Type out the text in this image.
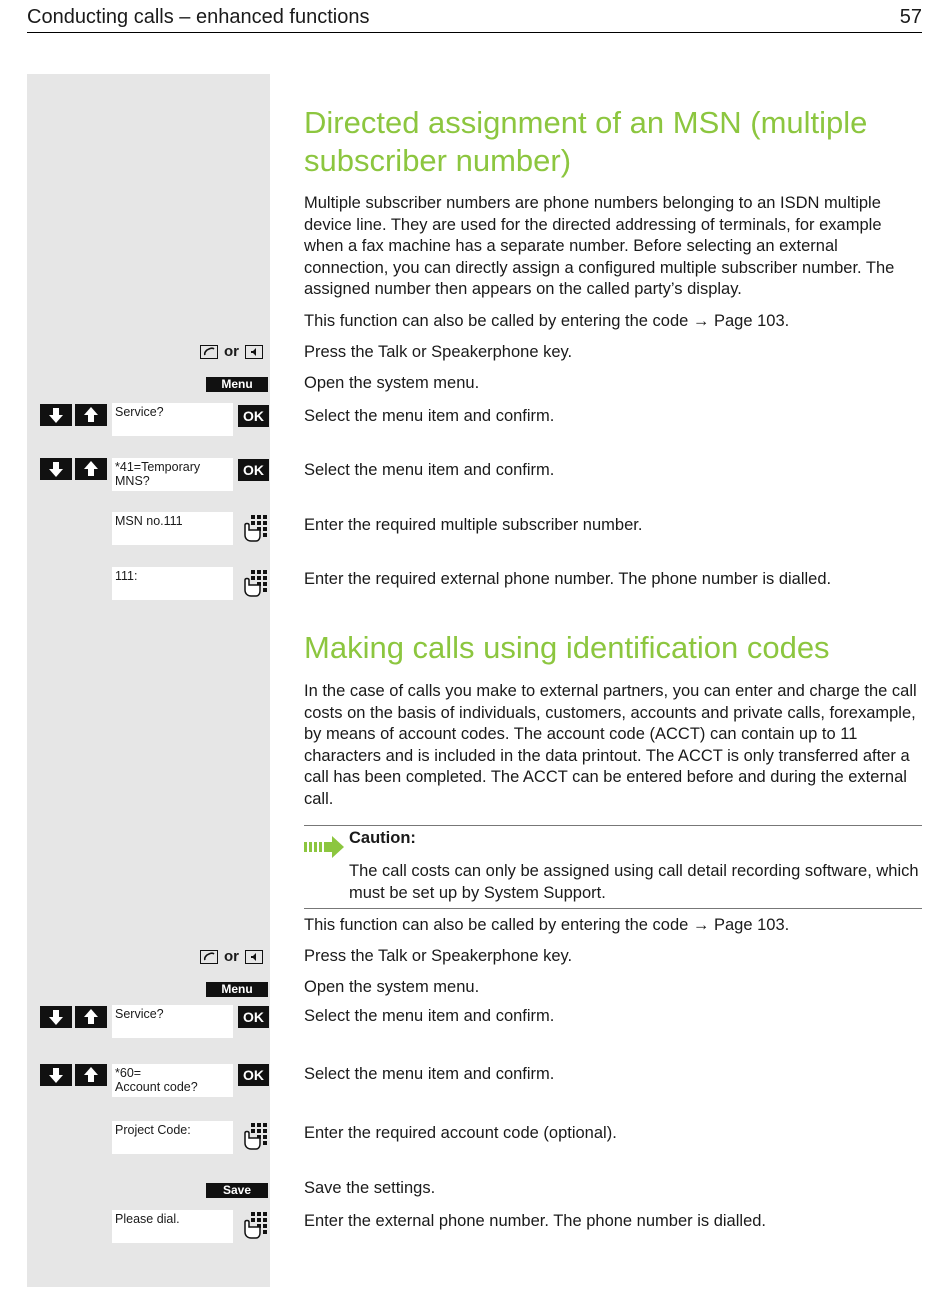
Conducting calls – enhanced functions	57
Directed assignment of an MSN (multiple subscriber number)

Multiple subscriber numbers are phone numbers belonging to an ISDN multiple device line. They are used for the directed addressing of terminals, for example when a fax machine has a separate number. Before selecting an external connection, you can directly assign a configured multiple subscriber number. The assigned number then appears on the called party’s display.

This function can also be called by entering the code → Page 103.
or	Press the Talk or Speakerphone key.
Menu	Open the system menu.
Service?	OK	Select the menu item and confirm.
*41=Temporary MNS?
OK	Select the menu item and confirm.
MSN no.111	Enter the required multiple subscriber number.
111:	Enter the required external phone number. The phone number is dialled.
Making calls using identification codes

In the case of calls you make to external partners, you can enter and charge the call costs on the basis of individuals, customers, accounts and private calls, forexample, by means of account codes. The account code (ACCT) can contain up to 11 characters and is included in the data printout. The ACCT is only transferred after a call has been completed. The ACCT can be entered before and during the external call.

Caution:

The call costs can only be assigned using call detail recording software, which must be set up by System Support.

This function can also be called by entering the code → Page 103.
or	Press the Talk or Speakerphone key.
Menu	Open the system menu.
Service?	OK	Select the menu item and confirm.
*60=
Account code?
OK	Select the menu item and confirm.
Project Code:	Enter the required account code (optional).
Save	Save the settings.
Please dial.	Enter the external phone number. The phone number is dialled.
